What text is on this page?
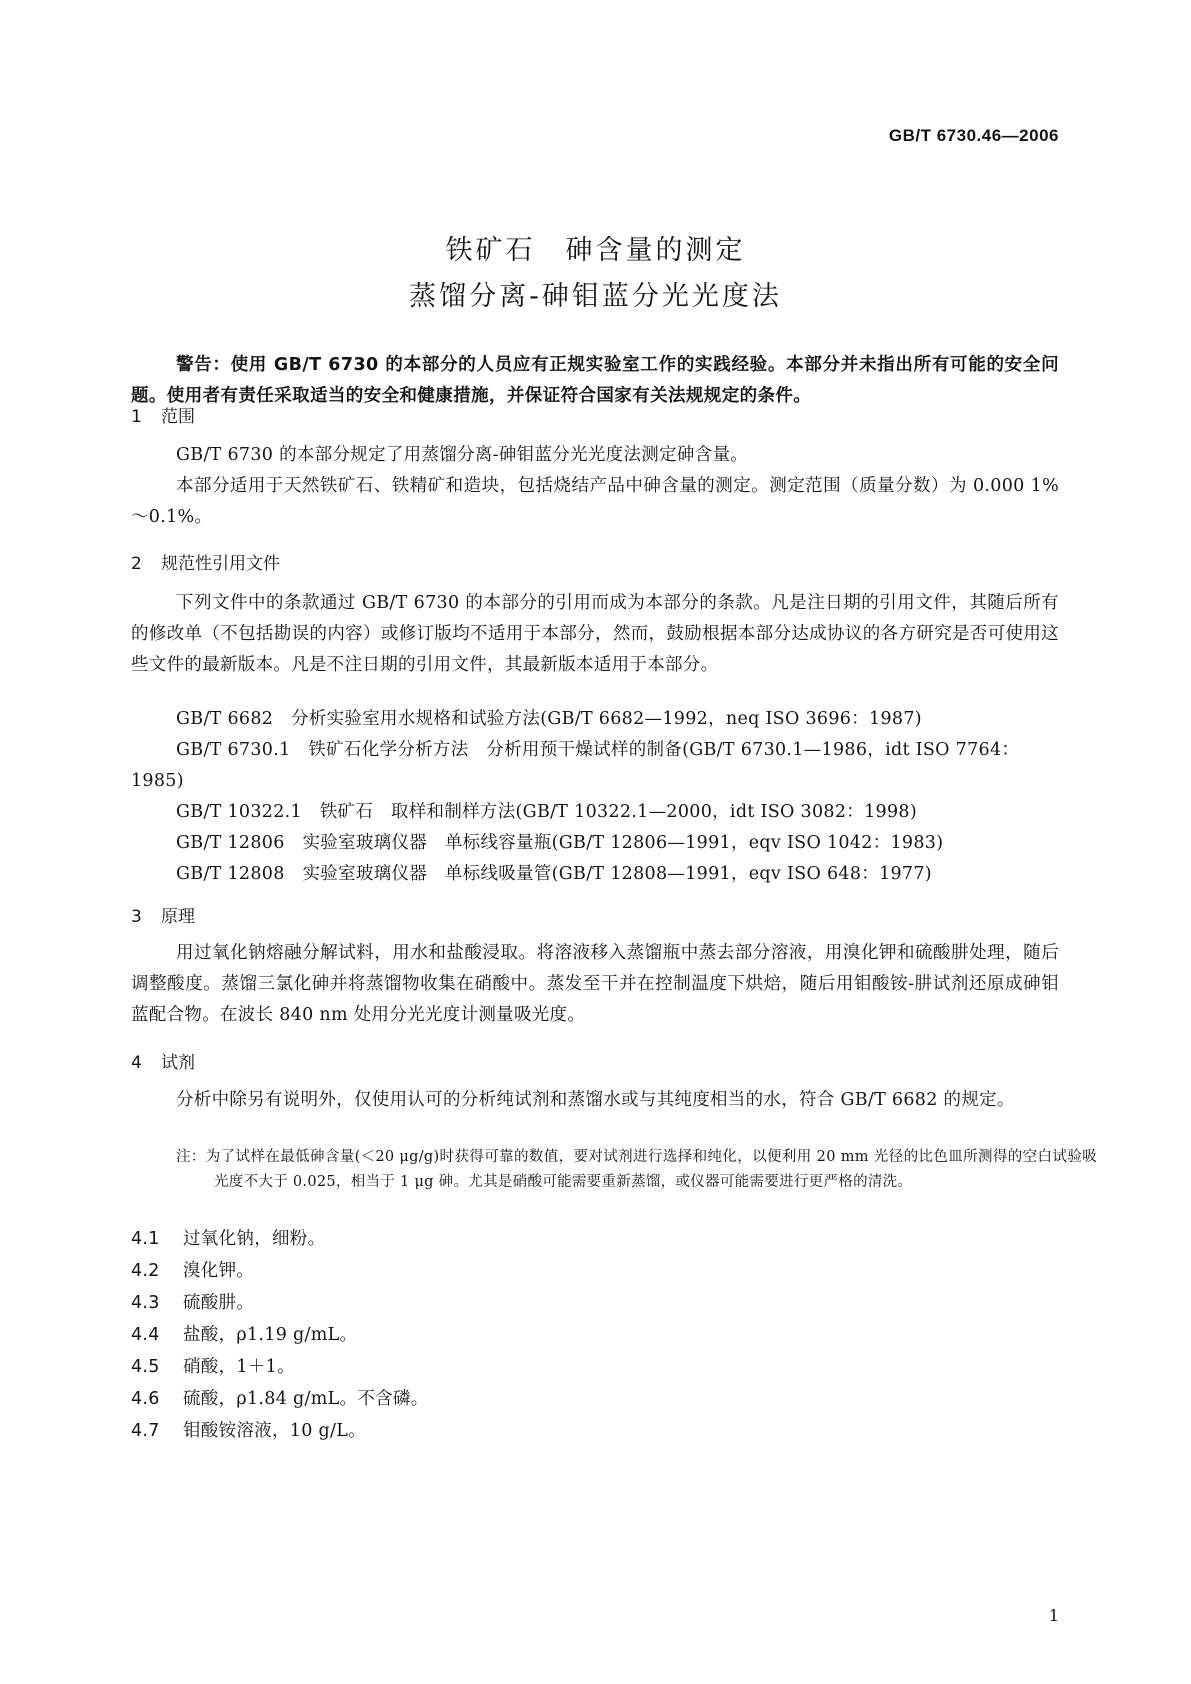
GB/T 6730.46—2006
铁矿石　砷含量的测定
蒸馏分离-砷钼蓝分光光度法
警告：使用 GB/T 6730 的本部分的人员应有正规实验室工作的实践经验。本部分并未指出所有可能的安全问题。使用者有责任采取适当的安全和健康措施，并保证符合国家有关法规规定的条件。
1 范围
GB/T 6730 的本部分规定了用蒸馏分离-砷钼蓝分光光度法测定砷含量。
本部分适用于天然铁矿石、铁精矿和造块，包括烧结产品中砷含量的测定。测定范围（质量分数）为 0.000 1%～0.1%。
2 规范性引用文件
下列文件中的条款通过 GB/T 6730 的本部分的引用而成为本部分的条款。凡是注日期的引用文件，其随后所有的修改单（不包括勘误的内容）或修订版均不适用于本部分，然而，鼓励根据本部分达成协议的各方研究是否可使用这些文件的最新版本。凡是不注日期的引用文件，其最新版本适用于本部分。
GB/T 6682　分析实验室用水规格和试验方法(GB/T 6682—1992，neq ISO 3696：1987)
GB/T 6730.1　铁矿石化学分析方法　分析用预干燥试样的制备(GB/T 6730.1—1986，idt ISO 7764：1985)
GB/T 10322.1　铁矿石　取样和制样方法(GB/T 10322.1—2000，idt ISO 3082：1998)
GB/T 12806　实验室玻璃仪器　单标线容量瓶(GB/T 12806—1991，eqv ISO 1042：1983)
GB/T 12808　实验室玻璃仪器　单标线吸量管(GB/T 12808—1991，eqv ISO 648：1977)
3 原理
用过氧化钠熔融分解试料，用水和盐酸浸取。将溶液移入蒸馏瓶中蒸去部分溶液，用溴化钾和硫酸肼处理，随后调整酸度。蒸馏三氯化砷并将蒸馏物收集在硝酸中。蒸发至干并在控制温度下烘焙，随后用钼酸铵-肼试剂还原成砷钼蓝配合物。在波长 840 nm 处用分光光度计测量吸光度。
4 试剂
分析中除另有说明外，仅使用认可的分析纯试剂和蒸馏水或与其纯度相当的水，符合 GB/T 6682 的规定。
注：为了试样在最低砷含量(＜20 μg/g)时获得可靠的数值，要对试剂进行选择和纯化，以便利用 20 mm 光径的比色皿所测得的空白试验吸光度不大于 0.025，相当于 1 μg 砷。尤其是硝酸可能需要重新蒸馏，或仪器可能需要进行更严格的清洗。
4.1 过氧化钠，细粉。
4.2 溴化钾。
4.3 硫酸肼。
4.4 盐酸，ρ1.19 g/mL。
4.5 硝酸，1＋1。
4.6 硫酸，ρ1.84 g/mL。不含磷。
4.7 钼酸铵溶液，10 g/L。
1
